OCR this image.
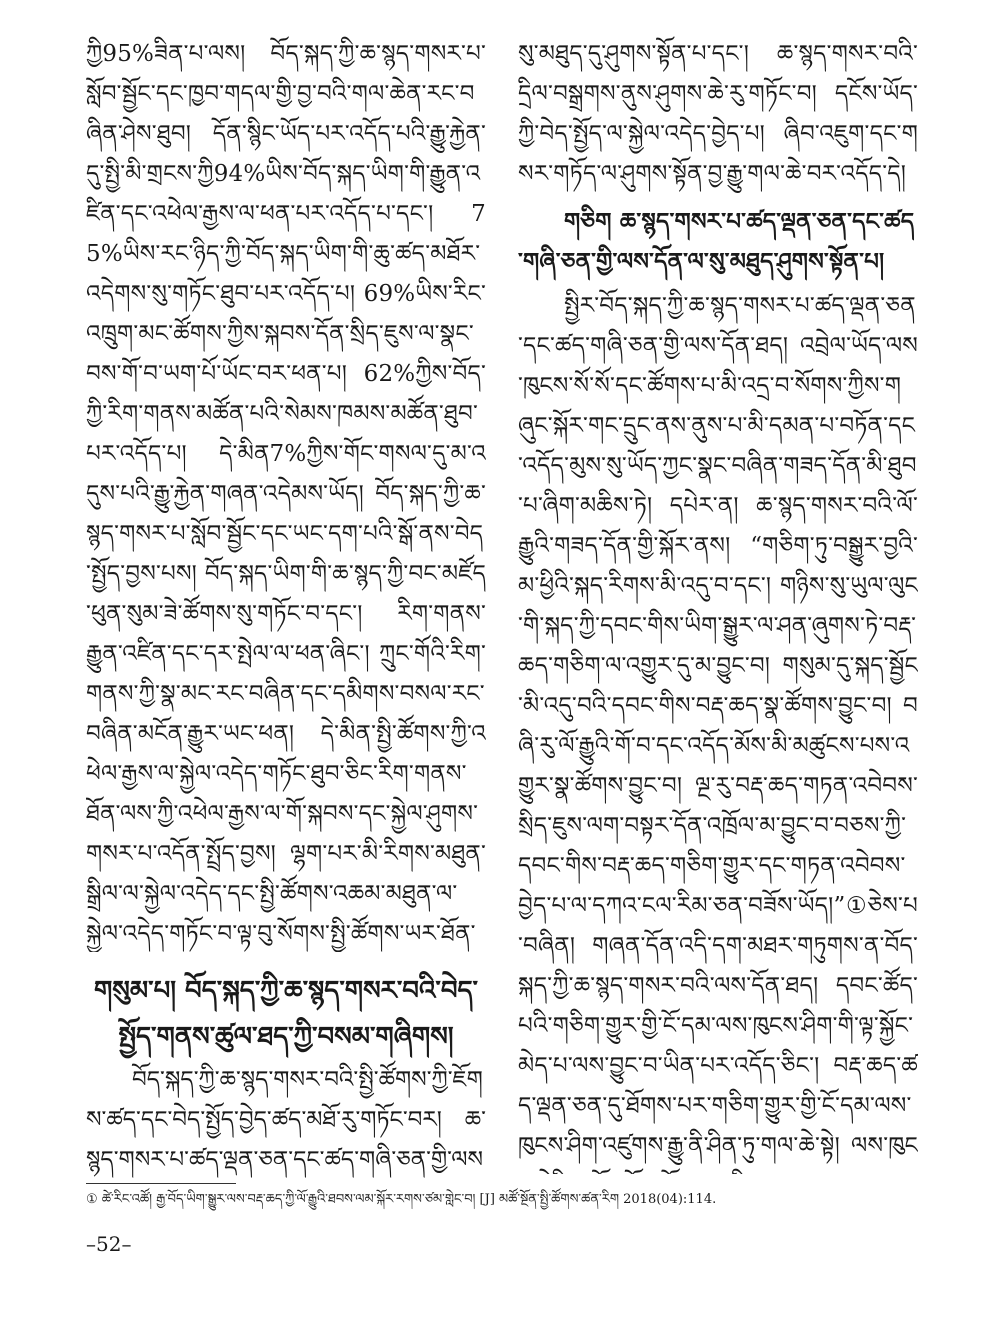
ཀྱི95%ཟིན་པ་ལས། བོད་སྐད་ཀྱི་ཆ་སྙད་གསར་པ་སློབ་སྦྱོང་དང་ཁྱབ་གདལ་གྱི་བྱ་བའི་གལ་ཆེན་རང་བཞིན་ཤེས་ཐུབ། དོན་སྙིང་ཡོད་པར་འདོད་པའི་རྒྱུ་རྐྱེན་དུ་སྤྱི་མི་གྲངས་ཀྱི94%ཡིས་བོད་སྐད་ཡིག་གི་རྒྱུན་འཛིན་དང་འཕེལ་རྒྱས་ལ་ཕན་པར་འདོད་པ་དང་། 75%ཡིས་རང་ཉིད་ཀྱི་བོད་སྐད་ཡིག་གི་ཆུ་ཚད་མཐོར་འདེགས་སུ་གཏོང་ཐུབ་པར་འདོད་པ། 69%ཡིས་རིང་འཁྲུག་མང་ཚོགས་ཀྱིས་སྐབས་དོན་སྲིད་ཇུས་ལ་སྣང་བས་གོ་བ་ཡག་པོ་ཡོང་བར་ཕན་པ། 62%ཀྱིས་བོད་ཀྱི་རིག་གནས་མཚོན་པའི་སེམས་ཁམས་མཚོན་ཐུབ་པར་འདོད་པ། དེ་མིན7%ཀྱིས་གོང་གསལ་དུ་མ་འདུས་པའི་རྒྱུ་རྐྱེན་གཞན་འདེམས་ཡོད། བོད་སྐད་ཀྱི་ཆ་སྙད་གསར་པ་སློབ་སྦྱོང་དང་ཡང་དག་པའི་སྒོ་ནས་བེད་སྤྱོད་བྱས་པས། བོད་སྐད་ཡིག་གི་ཆ་སྙད་ཀྱི་བང་མཛོད་ཕུན་སུམ་ཟེ་ཚོགས་སུ་གཏོང་བ་དང་། རིག་གནས་རྒྱུན་འཛིན་དང་དར་སྤེལ་ལ་ཕན་ཞིང་། ཀྲུང་གོའི་རིག་གནས་ཀྱི་སྣ་མང་རང་བཞིན་དང་དམིགས་བསལ་རང་བཞིན་མངོན་རྒྱུར་ཡང་ཕན། དེ་མིན་སྤྱི་ཚོགས་ཀྱི་འཕེལ་རྒྱས་ལ་སྐྱེལ་འདེད་གཏོང་ཐུབ་ཅིང་རིག་གནས་ཐོན་ལས་ཀྱི་འཕེལ་རྒྱས་ལ་གོ་སྐབས་དང་སྐྱེལ་ཤུགས་གསར་པ་འདོན་སྤྲོད་བྱས། ལྷག་པར་མི་རིགས་མཐུན་སྒྲིལ་ལ་སྐྱེལ་འདེད་དང་སྤྱི་ཚོགས་འཆམ་མཐུན་ལ་སྐྱེལ་འདེད་གཏོང་བ་ལྟ་བུ་སོགས་སྤྱི་ཚོགས་ཡར་ཐོན་

གསུམ་པ། བོད་སྐད་ཀྱི་ཆ་སྙད་གསར་བའི་བེད་སྤྱོད་གནས་ཚུལ་ཐད་ཀྱི་བསམ་གཞིགས།

བོད་སྐད་ཀྱི་ཆ་སྙད་གསར་བའི་སྤྱི་ཚོགས་ཀྱི་ཇོགས་ཚད་དང་བེད་སྤྱོད་བྱེད་ཚད་མཐོ་རུ་གཏོང་བར། ཆ་སྙད་གསར་པ་ཚད་ལྡན་ཅན་དང་ཚད་གཞི་ཅན་གྱི་ལས

སུ་མཐུད་དུ་ཤུགས་སྟོན་པ་དང་། ཆ་སྙད་གསར་བའི་དྲིལ་བསྒྲགས་ནུས་ཤུགས་ཆེ་རུ་གཏོང་བ། དངོས་ཡོད་ཀྱི་བེད་སྤྱོད་ལ་སྐྱེལ་འདེད་བྱེད་པ། ཞིབ་འཇུག་དང་གསར་གཏོད་ལ་ཤུགས་སྟོན་བྱ་རྒྱུ་གལ་ཆེ་བར་འདོད་དེ།

གཅིག ཆ་སྙད་གསར་པ་ཚད་ལྡན་ཅན་དང་ཚད་གཞི་ཅན་གྱི་ལས་དོན་ལ་སུ་མཐུད་ཤུགས་སྟོན་པ།

སྤྱིར་བོད་སྐད་ཀྱི་ཆ་སྙད་གསར་པ་ཚད་ལྡན་ཅན་དང་ཚད་གཞི་ཅན་གྱི་ལས་དོན་ཐད། འབྲེལ་ཡོད་ལས་ཁུངས་སོ་སོ་དང་ཚོགས་པ་མི་འདྲ་བ་སོགས་ཀྱིས་གཞུང་སྐོར་གང་དྲུང་ནས་ནུས་པ་མི་དམན་པ་བཏོན་དང་འདོད་མུས་སུ་ཡོད་ཀྱང་སྣང་བཞིན་གཟད་དོན་མི་ཐུབ་པ་ཞིག་མཆིས་ཏེ། དཔེར་ན། ཆ་སྙད་གསར་བའི་ལོ་རྒྱུའི་གཟད་དོན་གྱི་སྐོར་ནས། “གཅིག་ཏུ་བསྒྱུར་བྱའི་མ་ཕྱིའི་སྐད་རིགས་མི་འདུ་བ་དང་། གཉིས་སུ་ཡུལ་ལུང་གི་སྐད་ཀྱི་དབང་གིས་ཡིག་སྒྱུར་ལ་ཤན་ཞུགས་ཏེ་བརྡ་ཆད་གཅིག་ལ་འགྱུར་དུ་མ་བྱུང་བ། གསུམ་དུ་སྐད་སྦྱོང་མི་འདུ་བའི་དབང་གིས་བརྡ་ཆད་སྣ་ཚོགས་བྱུང་བ། བཞི་རུ་ལོ་རྒྱུའི་གོ་བ་དང་འདོད་མོས་མི་མཚུངས་པས་འགྱུར་སྣ་ཚོགས་བྱུང་བ། ལྔ་རུ་བརྡ་ཆད་གཏན་འབེབས་སྲིད་ཇུས་ལག་བསྟར་དོན་འཁྲོལ་མ་བྱུང་བ་བཅས་ཀྱི་དབང་གིས་བརྡ་ཆད་གཅིག་གྱུར་དང་གཏན་འབེབས་བྱེད་པ་ལ་དཀའ་ངལ་རིམ་ཅན་བཟོས་ཡོད།”①ཅེས་པ་བཞིན། གཞན་དོན་འདི་དག་མཐར་གཏུགས་ན་བོད་སྐད་ཀྱི་ཆ་སྙད་གསར་བའི་ལས་དོན་ཐད། དབང་ཚོད་པའི་གཅིག་གྱུར་གྱི་ངོ་དམ་ལས་ཁུངས་ཤིག་གི་ལྟ་སྐྱོང་མེད་པ་ལས་བྱུང་བ་ཡིན་པར་འདོད་ཅིང་། བརྡ་ཆད་ཚད་ལྡན་ཅན་དུ་ཐོགས་པར་གཅིག་གྱུར་གྱི་ངོ་དམ་ལས་ཁུངས་ཤིག་འཛུགས་རྒྱུ་ནི་ཤིན་ཏུ་གལ་ཆེ་སྟེ། ལས་ཁུང

① ཚེ་རིང་འཚོ། རྒྱ་བོད་ཡིག་སྒྱུར་ལས་བརྡ་ཆད་ཀྱི་ལོ་རྒྱུའི་ཐབས་ལམ་སྐོར་རགས་ཙམ་གླེང་བ། [J] མཚོ་སྔོན་སྤྱི་ཚོགས་ཚན་རིག 2018(04):114.
–52–
